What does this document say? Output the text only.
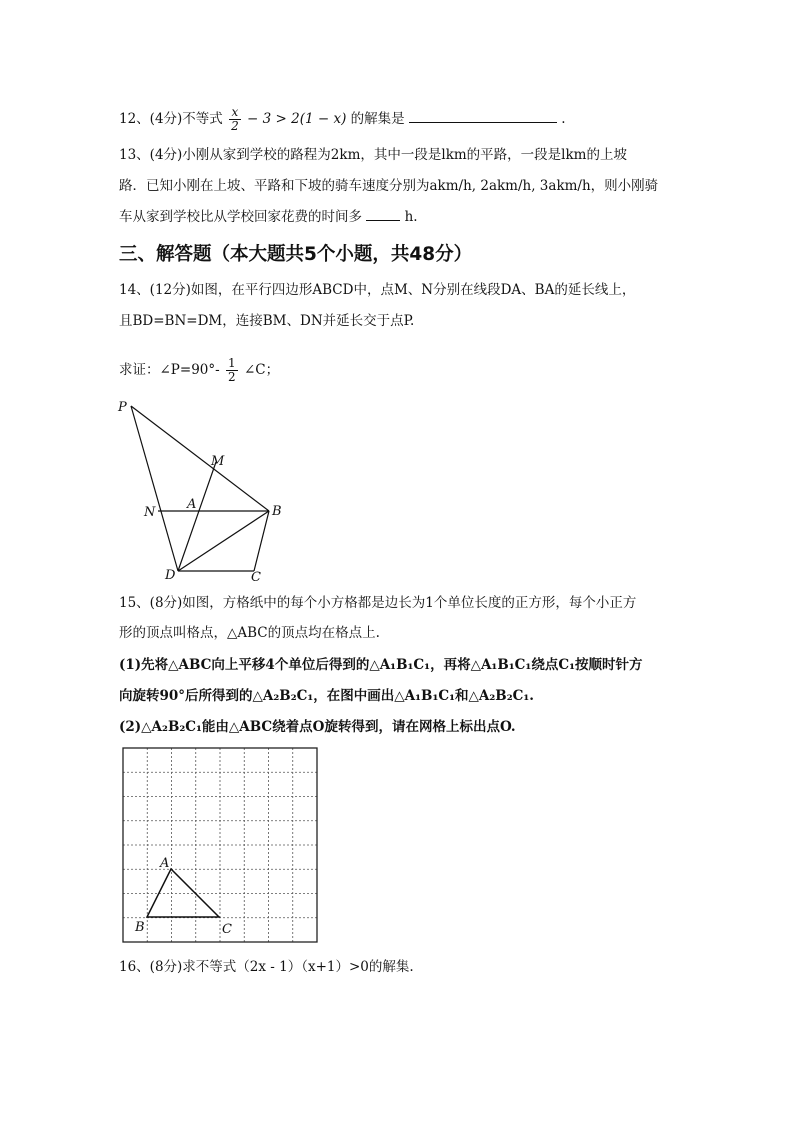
12、(4分)不等式 $\frac{x}{2} - 3 > 2(1 - x)$ 的解集是	.
13、(4分)小刚从家到学校的路程为2km，其中一段是lkm的平路，一段是lkm的上坡
路．已知小刚在上坡、平路和下坡的骑车速度分别为akm/h, 2akm/h, 3akm/h，则小刚骑
车从家到学校比从学校回家花费的时间多	h.
三、解答题（本大题共5个小题，共48分）
14、(12分)如图，在平行四边形ABCD中，点M、N分别在线段DA、BA的延长线上，
且BD=BN=DM，连接BM、DN并延长交于点P.
求证：∠P=90°- $\frac{1}{2}$ ∠C；
P
M
A
N	B
D	C
15、(8分)如图，方格纸中的每个小方格都是边长为1个单位长度的正方形，每个小正方
形的顶点叫格点，△ABC的顶点均在格点上.
(1)先将△ABC向上平移4个单位后得到的△A₁B₁C₁，再将△A₁B₁C₁绕点C₁按顺时针方
向旋转90°后所得到的△A₂B₂C₁，在图中画出△A₁B₁C₁和△A₂B₂C₁.
(2)△A₂B₂C₁能由△ABC绕着点O旋转得到，请在网格上标出点O.
A
B	C
16、(8分)求不等式（2x - 1）（x+1）>0的解集.
